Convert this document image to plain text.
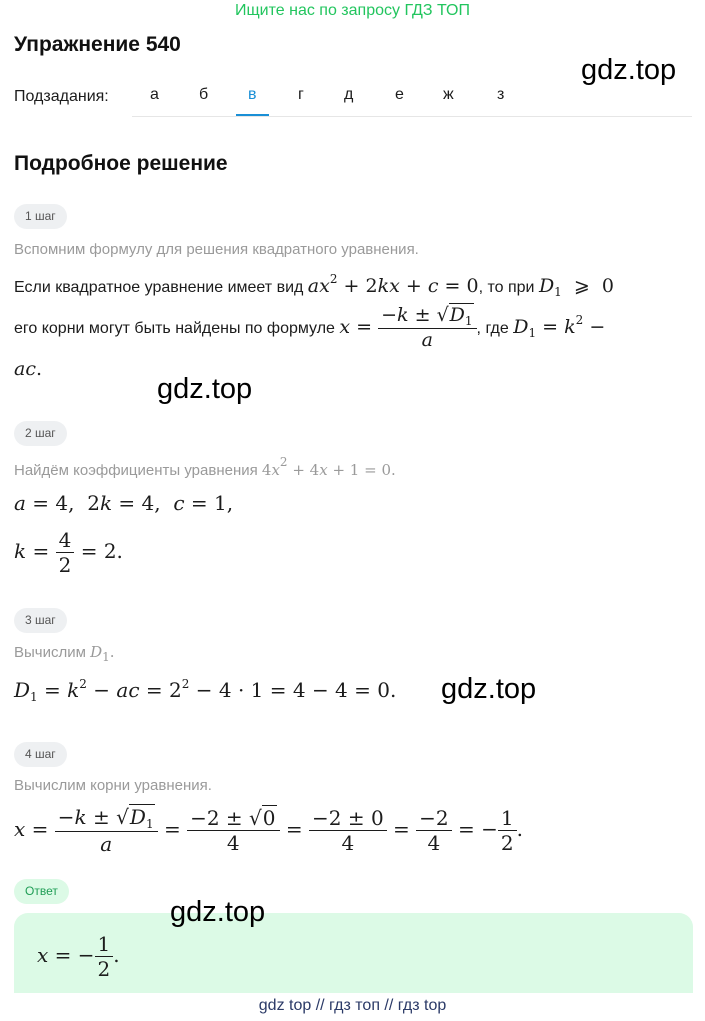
Ищите нас по запросу ГДЗ ТОП
Упражнение 540
gdz.top
Подзадания:	а	б в	г	д	е ж	з
Подробное решение
1 шаг
Вспомним формулу для решения квадратного уравнения.
Если квадратное уравнение имеет вид $ax^2 + 2kx + c = 0$, то при $D_1$ ⩾ 0
его корни могут быть найдены по формуле $x = \frac{-k \pm √D_1}{a}$ , где $D_1 = k^2$ −
ac.
gdz.top
2 шаг
Найдём коэффициенты уравнения $4x^2 + 4x + 1 = 0$.
a = 4, 2k = 4,  c = 1,
$k = \frac{4}{2} = 2$.
3 шаг
Вычислим $D_1$.
$D_1 = k^2$ − ac = $2^2 - 4 \cdot 1 = 4 - 4 = 0$. gdz.top
4 шаг
Вычислим корни уравнения.
$x = \frac{-k \pm √D_1}{a} = \frac{-2 \pm √0}{4} = \frac{-2 \pm 0}{4} = \frac{-2}{4}$ = − $\frac{1}{2}$ .
Ответ
x = − $\frac{1}{2}$ .
gdz.top
gdz top // гдз топ // гдз top
